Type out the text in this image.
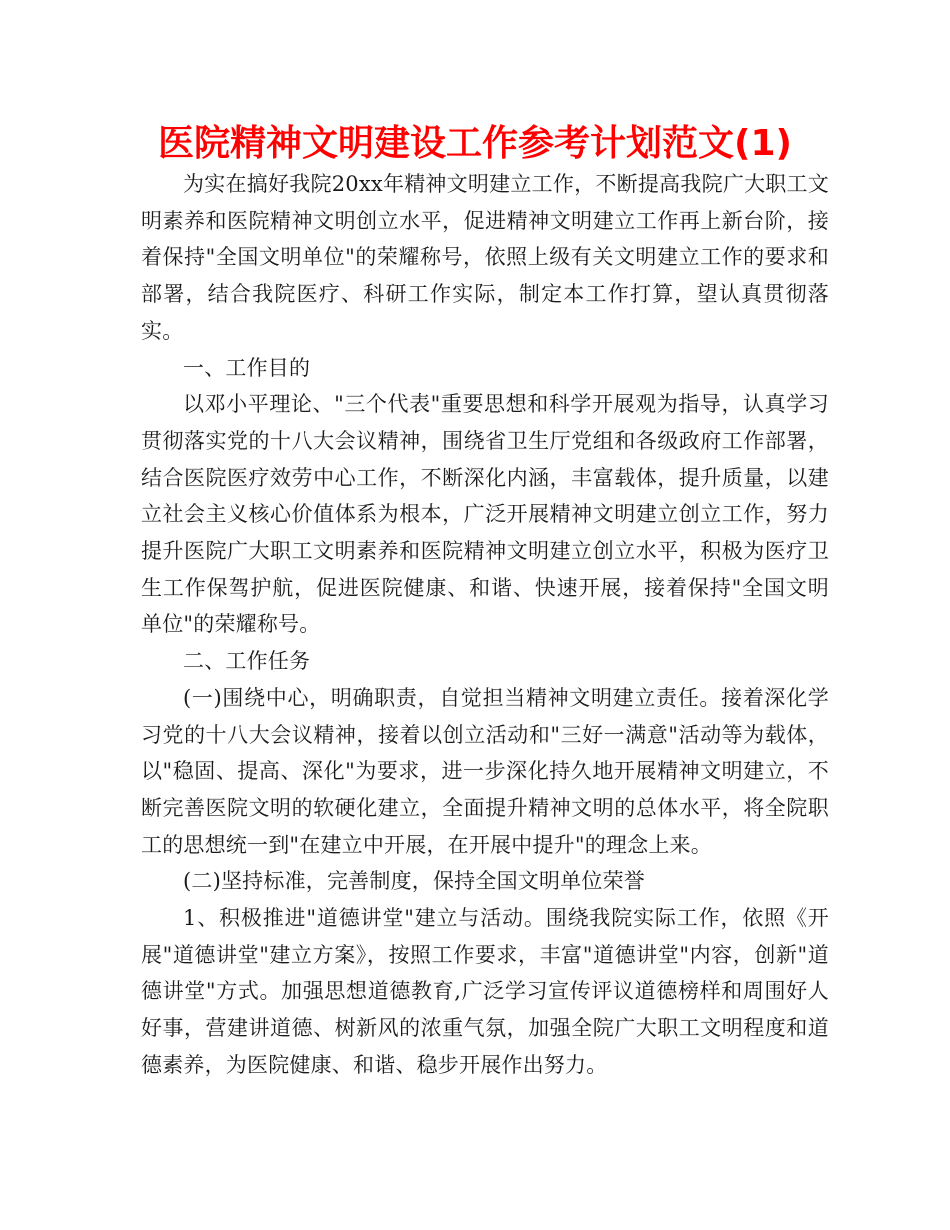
医院精神文明建设工作参考计划范文(1)

为实在搞好我院20xx年精神文明建立工作，不断提高我院广大职工文明素养和医院精神文明创立水平，促进精神文明建立工作再上新台阶，接着保持"全国文明单位"的荣耀称号，依照上级有关文明建立工作的要求和部署，结合我院医疗、科研工作实际，制定本工作打算，望认真贯彻落实。

一、工作目的

以邓小平理论、"三个代表"重要思想和科学开展观为指导，认真学习贯彻落实党的十八大会议精神，围绕省卫生厅党组和各级政府工作部署，结合医院医疗效劳中心工作，不断深化内涵，丰富载体，提升质量，以建立社会主义核心价值体系为根本，广泛开展精神文明建立创立工作，努力提升医院广大职工文明素养和医院精神文明建立创立水平，积极为医疗卫生工作保驾护航，促进医院健康、和谐、快速开展，接着保持"全国文明单位"的荣耀称号。

二、工作任务

(一)围绕中心，明确职责，自觉担当精神文明建立责任。接着深化学习党的十八大会议精神，接着以创立活动和"三好一满意"活动等为载体，以"稳固、提高、深化"为要求，进一步深化持久地开展精神文明建立，不断完善医院文明的软硬化建立，全面提升精神文明的总体水平，将全院职工的思想统一到"在建立中开展，在开展中提升"的理念上来。

(二)坚持标准，完善制度，保持全国文明单位荣誉

1、积极推进"道德讲堂"建立与活动。围绕我院实际工作，依照《开展"道德讲堂"建立方案》，按照工作要求，丰富"道德讲堂"内容，创新"道德讲堂"方式。加强思想道德教育,广泛学习宣传评议道德榜样和周围好人好事，营建讲道德、树新风的浓重气氛，加强全院广大职工文明程度和道德素养，为医院健康、和谐、稳步开展作出努力。
